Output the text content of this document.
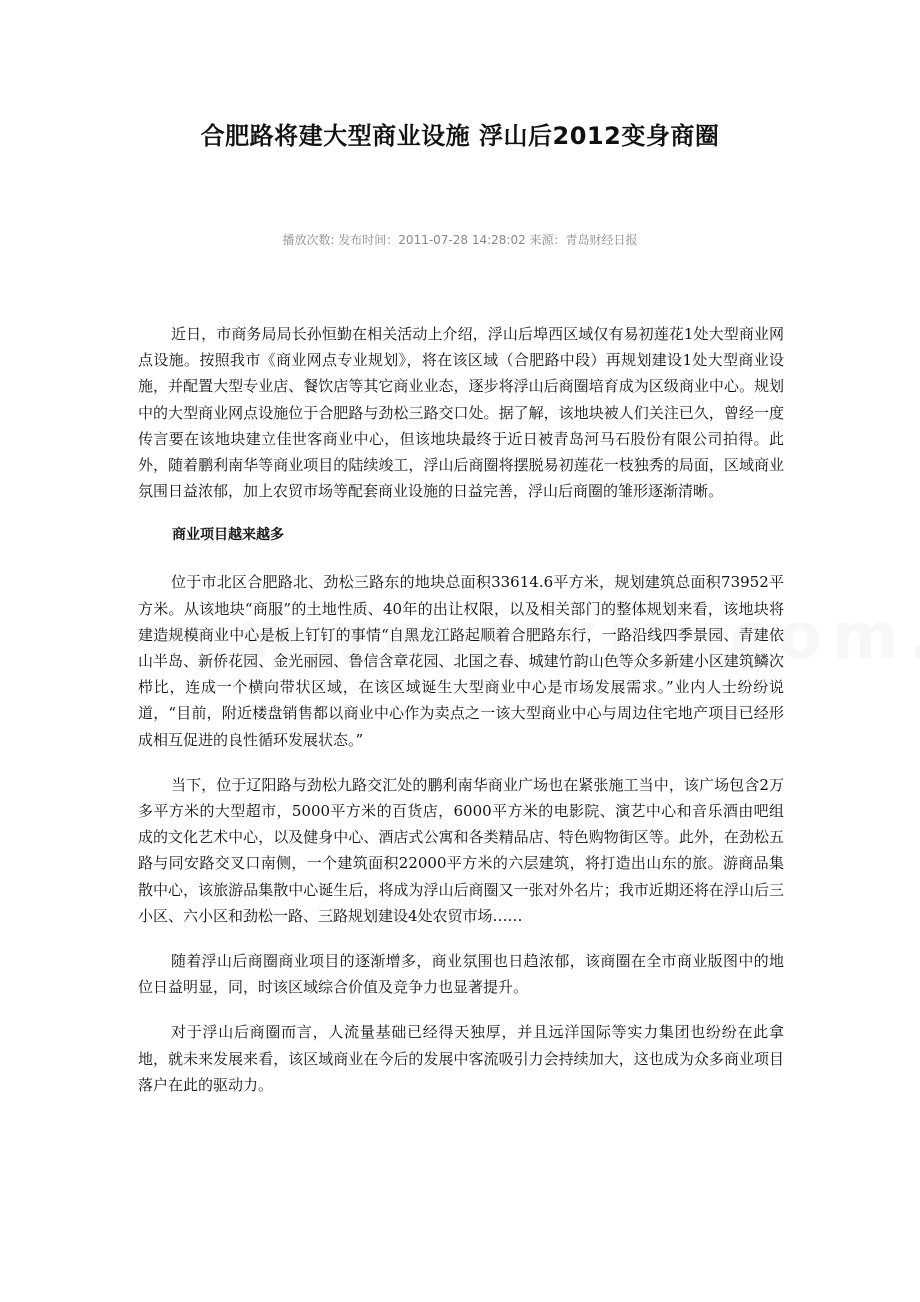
合肥路将建大型商业设施 浮山后2012变身商圈
播放次数: 发布时间：2011-07-28 14:28:02 来源：青岛财经日报

近日，市商务局局长孙恒勤在相关活动上介绍，浮山后埠西区域仅有易初莲花1处大型商业网点设施。按照我市《商业网点专业规划》，将在该区域（合肥路中段）再规划建设1处大型商业设施，并配置大型专业店、餐饮店等其它商业业态，逐步将浮山后商圈培育成为区级商业中心。规划中的大型商业网点设施位于合肥路与劲松三路交口处。据了解，该地块被人们关注已久，曾经一度传言要在该地块建立佳世客商业中心，但该地块最终于近日被青岛河马石股份有限公司拍得。此外，随着鹏利南华等商业项目的陆续竣工，浮山后商圈将摆脱易初莲花一枝独秀的局面，区域商业氛围日益浓郁，加上农贸市场等配套商业设施的日益完善，浮山后商圈的雏形逐渐清晰。

商业项目越来越多

位于市北区合肥路北、劲松三路东的地块总面积33614.6平方米，规划建筑总面积73952平方米。从该地块“商服”的土地性质、40年的出让权限，以及相关部门的整体规划来看，该地块将建造规模商业中心是板上钉钉的事情“自黑龙江路起顺着合肥路东行，一路沿线四季景园、青建依山半岛、新侨花园、金光丽园、鲁信含章花园、北国之春、城建竹韵山色等众多新建小区建筑鳞次栉比，连成一个横向带状区域，在该区域诞生大型商业中心是市场发展需求。”业内人士纷纷说道，“目前，附近楼盘销售都以商业中心作为卖点之一该大型商业中心与周边住宅地产项目已经形成相互促进的良性循环发展状态。”

当下，位于辽阳路与劲松九路交汇处的鹏利南华商业广场也在紧张施工当中，该广场包含2万多平方米的大型超市，5000平方米的百货店，6000平方米的电影院、演艺中心和音乐酒由吧组成的文化艺术中心，以及健身中心、酒店式公寓和各类精品店、特色购物街区等。此外，在劲松五路与同安路交叉口南侧，一个建筑面积22000平方米的六层建筑，将打造出山东的旅。游商品集散中心，该旅游品集散中心诞生后，将成为浮山后商圈又一张对外名片；我市近期还将在浮山后三小区、六小区和劲松一路、三路规划建设4处农贸市场……

随着浮山后商圈商业项目的逐渐增多，商业氛围也日趋浓郁，该商圈在全市商业版图中的地位日益明显，同，时该区域综合价值及竞争力也显著提升。

对于浮山后商圈而言，人流量基础已经得天独厚，并且远洋国际等实力集团也纷纷在此拿地，就未来发展来看，该区域商业在今后的发展中客流吸引力会持续加大，这也成为众多商业项目落户在此的驱动力。
